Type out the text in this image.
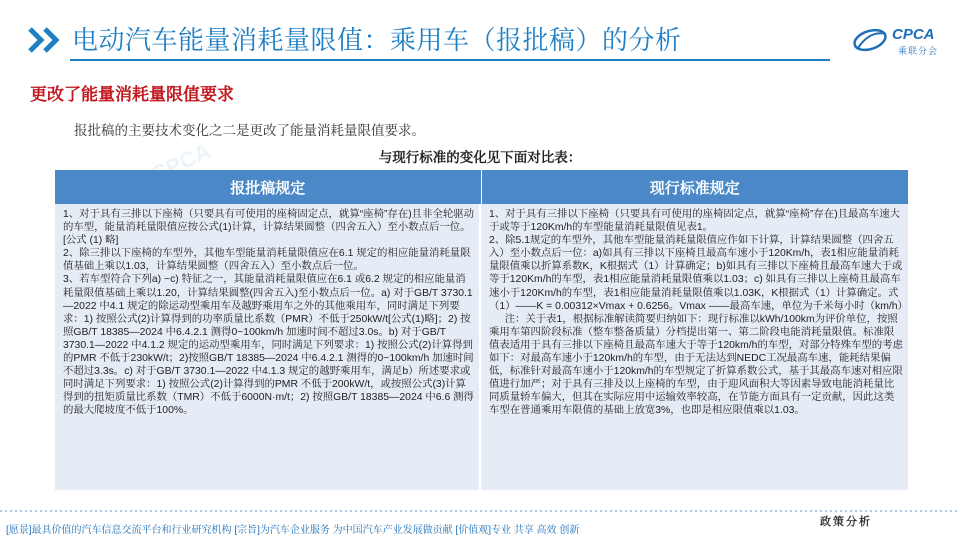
电动汽车能量消耗量限值：乘用车（报批稿）的分析	CPCA
乘联分会
CPCA
更改了能量消耗量限值要求
报批稿的主要技术变化之二是更改了能量消耗量限值要求。
与现行标准的变化见下面对比表：
报批稿规定	现行标准规定

1、对于具有三排以下座椅（只要具有可使用的座椅固定点，就算“座椅”存在)且非全轮驱动的车型，能量消耗量限值应按公式(1)计算，计算结果圆整（四舍五入）至小数点后一位。[公式 (1) 略]

2、除三排以下座椅的车型外，其他车型能量消耗量限值应在6.1 规定的相应能量消耗量限值基础上乘以1.03，计算结果圆整（四舍五入）至小数点后一位。

3、若车型符合下列a) ~c) 特征之一，其能量消耗量限值应在6.1 或6.2 规定的相应能量消耗量限值基础上乘以1.20，计算结果圆整(四舍五入)至小数点后一位。a) 对于GB/T 3730.1—2022 中4.1 规定的除运动型乘用车及越野乘用车之外的其他乘用车，同时满足下列要求：1) 按照公式(2)计算得到的功率质量比系数（PMR）不低于250kW/t[公式(1)略]；2) 按照GB/T 18385—2024 中6.4.2.1 测得0~100km/h 加速时间不超过3.0s。b) 对于GB/T 3730.1—2022 中4.1.2 规定的运动型乘用车，同时满足下列要求：1) 按照公式(2)计算得到的PMR 不低于230kW/t；2)按照GB/T 18385—2024 中6.4.2.1 测得的0~100km/h 加速时间不超过3.3s。c) 对于GB/T 3730.1—2022 中4.1.3 规定的越野乘用车，满足b）所述要求或同时满足下列要求：1) 按照公式(2)计算得到的PMR 不低于200kW/t，或按照公式(3)计算得到的扭矩质量比系数（TMR）不低于6000N·m/t；2) 按照GB/T 18385—2024 中6.6 测得的最大爬坡度不低于100%。

1、对于具有三排以下座椅（只要具有可使用的座椅固定点，就算“座椅”存在)且最高车速大于或等于120Km/h的车型能量消耗量限值见表1。

2、除5.1规定的车型外，其他车型能量消耗量限值应作如下计算，计算结果圆整（四舍五入）至小数点后一位：a)如具有三排以下座椅且最高车速小于120Km/h，表1相应能量消耗量限值乘以折算系数K，K根据式（1）计算确定；b)如具有三排以下座椅且最高车速大于或等于120Km/h的车型，表1相应能量消耗量限值乘以1.03；c) 如具有三排以上座椅且最高车速小于120Km/h的车型，表1相应能量消耗量限值乘以1.03K，K根据式（1）计算确定。式（1）——K = 0.00312×Vmax + 0.6256。Vmax ——最高车速，单位为千米每小时（km/h）

注：关于表1，根据标准解读简要归纳如下：现行标准以kWh/100km为评价单位，按照乘用车第四阶段标准（整车整备质量）分档提出第一、第二阶段电能消耗量限值。标准限值表适用于具有三排以下座椅且最高车速大于等于120km/h的车型，对部分特殊车型的考虑如下：对最高车速小于120km/h的车型，由于无法达到NEDC工况最高车速，能耗结果偏低，标准针对最高车速小于120km/h的车型规定了折算系数公式，基于其最高车速对相应限值进行加严；对于具有三排及以上座椅的车型，由于迎风面积大等因素导致电能消耗量比同质量轿车偏大，但其在实际应用中运输效率较高，在节能方面具有一定贡献，因此这类车型在普通乘用车限值的基础上放宽3%，也即是相应限值乘以1.03。

政策分析
[愿景]最具价值的汽车信息交流平台和行业研究机构 [宗旨]为汽车企业服务 为中国汽车产业发展做贡献 [价值观]专业 共享 高效 创新
